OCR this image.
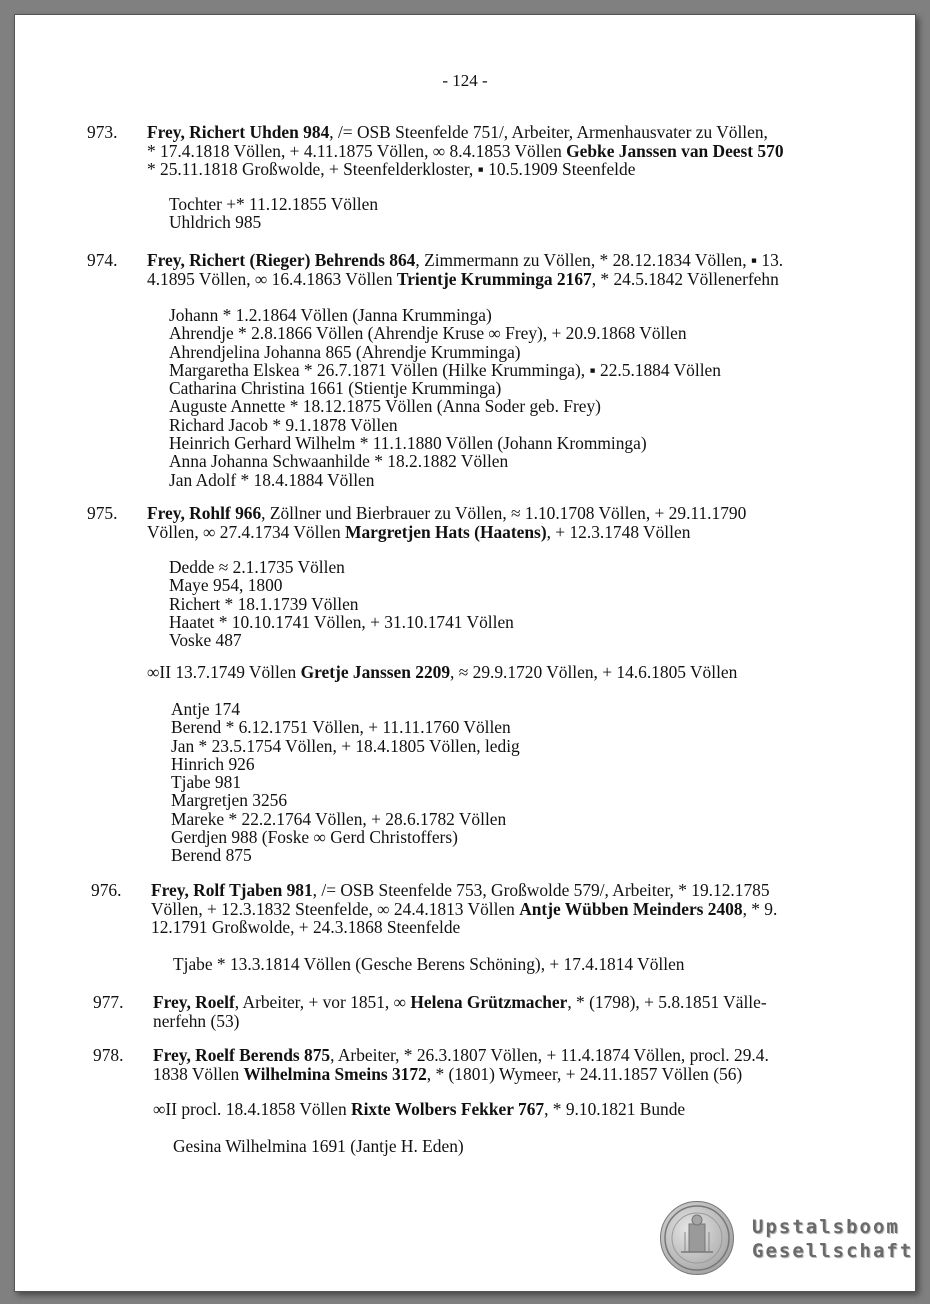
- 124 -
973.	Frey, Richert Uhden 984, /= OSB Steenfelde 751/, Arbeiter, Armenhausvater zu Völlen,
* 17.4.1818 Völlen, + 4.11.1875 Völlen, ∞ 8.4.1853 Völlen Gebke Janssen van Deest 570
* 25.11.1818 Großwolde, + Steenfelderkloster, ▪ 10.5.1909 Steenfelde
Tochter +* 11.12.1855 Völlen
Uhldrich 985
974.	Frey, Richert (Rieger) Behrends 864, Zimmermann zu Völlen, * 28.12.1834 Völlen, ▪ 13.
4.1895 Völlen, ∞ 16.4.1863 Völlen Trientje Krumminga 2167, * 24.5.1842 Völlenerfehn
Johann * 1.2.1864 Völlen (Janna Krumminga)
Ahrendje * 2.8.1866 Völlen (Ahrendje Kruse ∞ Frey), + 20.9.1868 Völlen
Ahrendjelina Johanna 865 (Ahrendje Krumminga)
Margaretha Elskea * 26.7.1871 Völlen (Hilke Krumminga), ▪ 22.5.1884 Völlen
Catharina Christina 1661 (Stientje Krumminga)
Auguste Annette * 18.12.1875 Völlen (Anna Soder geb. Frey)
Richard Jacob * 9.1.1878 Völlen
Heinrich Gerhard Wilhelm * 11.1.1880 Völlen (Johann Kromminga)
Anna Johanna Schwaanhilde * 18.2.1882 Völlen
Jan Adolf * 18.4.1884 Völlen
975.	Frey, Rohlf 966, Zöllner und Bierbrauer zu Völlen, ≈ 1.10.1708 Völlen, + 29.11.1790
Völlen, ∞ 27.4.1734 Völlen Margretjen Hats (Haatens), + 12.3.1748 Völlen
Dedde ≈ 2.1.1735 Völlen
Maye 954, 1800
Richert * 18.1.1739 Völlen
Haatet * 10.10.1741 Völlen, + 31.10.1741 Völlen
Voske 487
∞II 13.7.1749 Völlen Gretje Janssen 2209, ≈ 29.9.1720 Völlen, + 14.6.1805 Völlen
Antje 174
Berend * 6.12.1751 Völlen, + 11.11.1760 Völlen
Jan * 23.5.1754 Völlen, + 18.4.1805 Völlen, ledig
Hinrich 926
Tjabe 981
Margretjen 3256
Mareke * 22.2.1764 Völlen, + 28.6.1782 Völlen
Gerdjen 988 (Foske ∞ Gerd Christoffers)
Berend 875
976.	Frey, Rolf Tjaben 981, /= OSB Steenfelde 753, Großwolde 579/, Arbeiter, * 19.12.1785
Völlen, + 12.3.1832 Steenfelde, ∞ 24.4.1813 Völlen Antje Wübben Meinders 2408, * 9.
12.1791 Großwolde, + 24.3.1868 Steenfelde
Tjabe * 13.3.1814 Völlen (Gesche Berens Schöning), + 17.4.1814 Völlen
977.	Frey, Roelf, Arbeiter, + vor 1851, ∞ Helena Grützmacher, * (1798), + 5.8.1851 Välle-
nerfehn (53)
978.	Frey, Roelf Berends 875, Arbeiter, * 26.3.1807 Völlen, + 11.4.1874 Völlen, procl. 29.4.
1838 Völlen Wilhelmina Smeins 3172, * (1801) Wymeer, + 24.11.1857 Völlen (56)
∞II procl. 18.4.1858 Völlen Rixte Wolbers Fekker 767, * 9.10.1821 Bunde
Gesina Wilhelmina 1691 (Jantje H. Eden)
Upstalsboom
Gesellschaft
